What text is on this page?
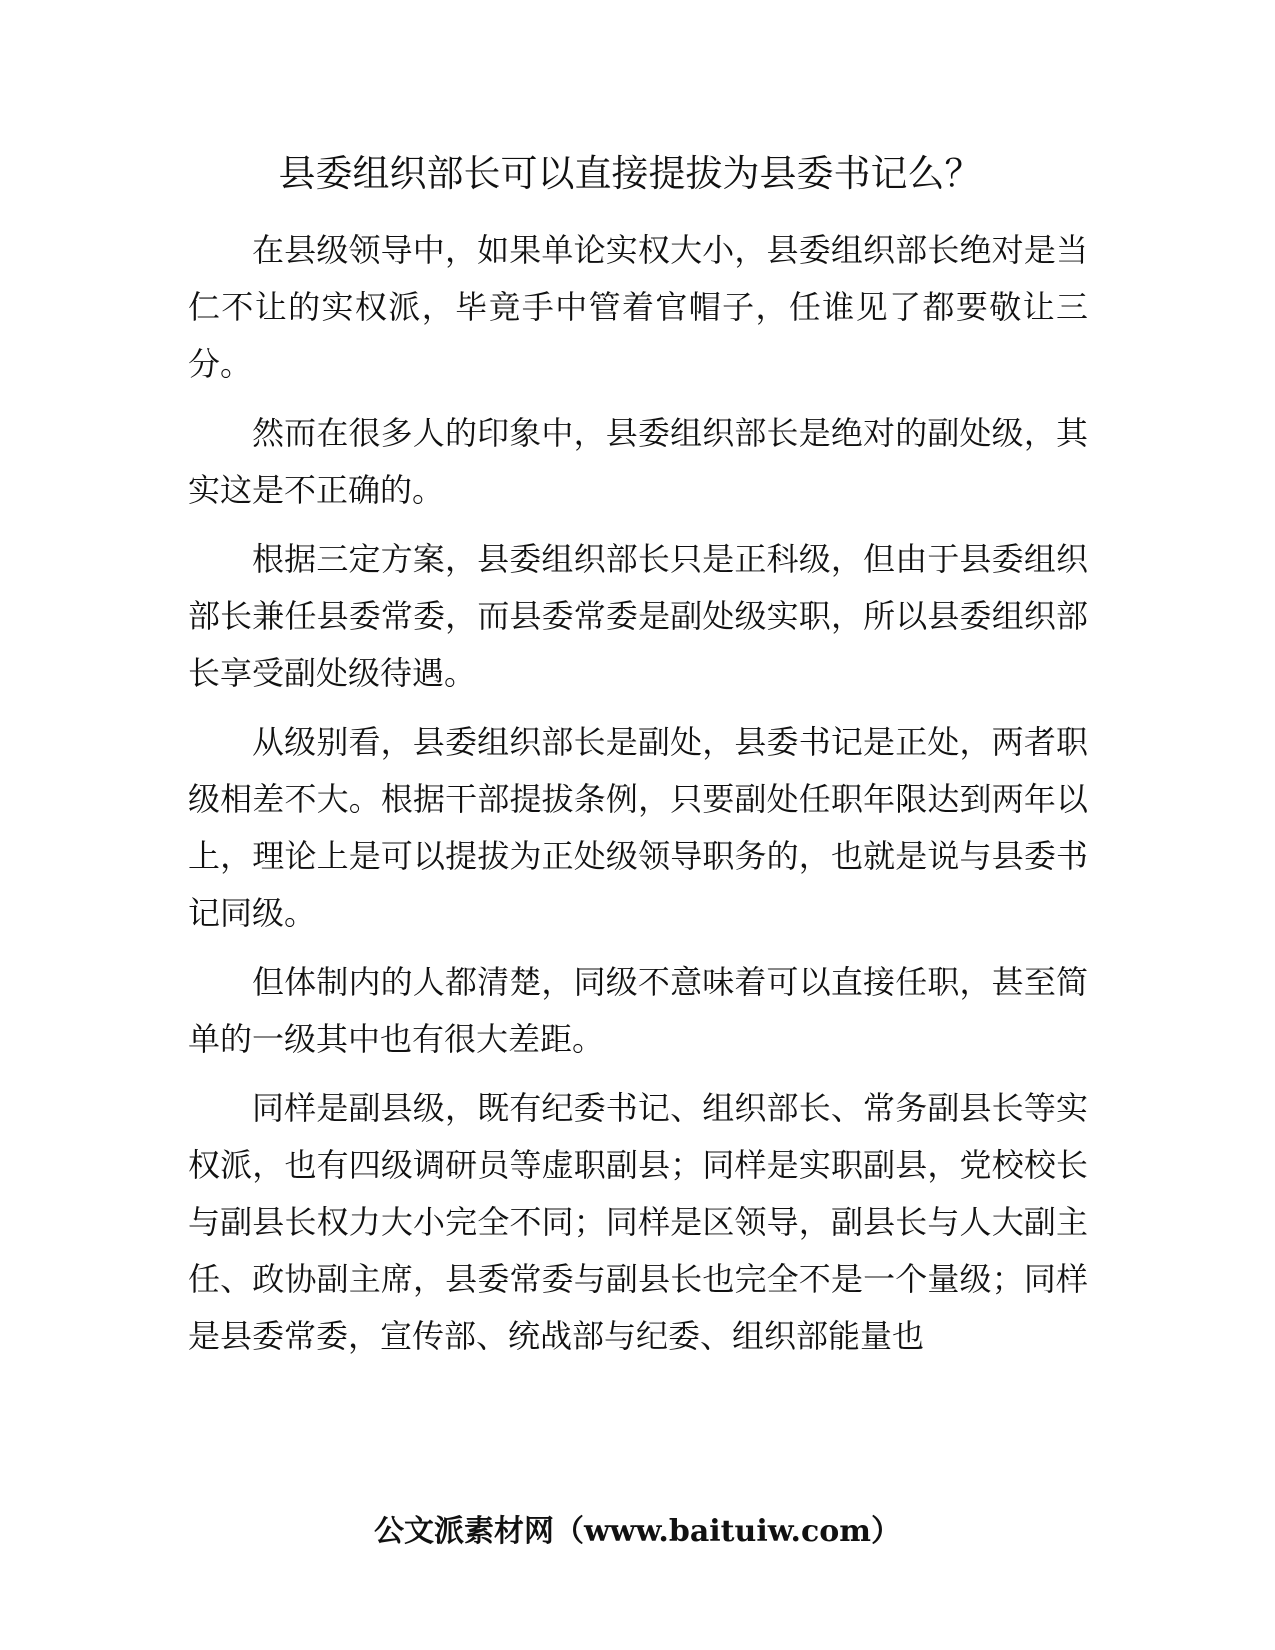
县委组织部长可以直接提拔为县委书记么？

在县级领导中，如果单论实权大小，县委组织部长绝对是当仁不让的实权派，毕竟手中管着官帽子，任谁见了都要敬让三分。

然而在很多人的印象中，县委组织部长是绝对的副处级，其实这是不正确的。

根据三定方案，县委组织部长只是正科级，但由于县委组织部长兼任县委常委，而县委常委是副处级实职，所以县委组织部长享受副处级待遇。

从级别看，县委组织部长是副处，县委书记是正处，两者职级相差不大。根据干部提拔条例，只要副处任职年限达到两年以上，理论上是可以提拔为正处级领导职务的，也就是说与县委书记同级。

但体制内的人都清楚，同级不意味着可以直接任职，甚至简单的一级其中也有很大差距。

同样是副县级，既有纪委书记、组织部长、常务副县长等实权派，也有四级调研员等虚职副县；同样是实职副县，党校校长与副县长权力大小完全不同；同样是区领导，副县长与人大副主任、政协副主席，县委常委与副县长也完全不是一个量级；同样是县委常委，宣传部、统战部与纪委、组织部能量也

公文派素材网（www.baituiw.com）
